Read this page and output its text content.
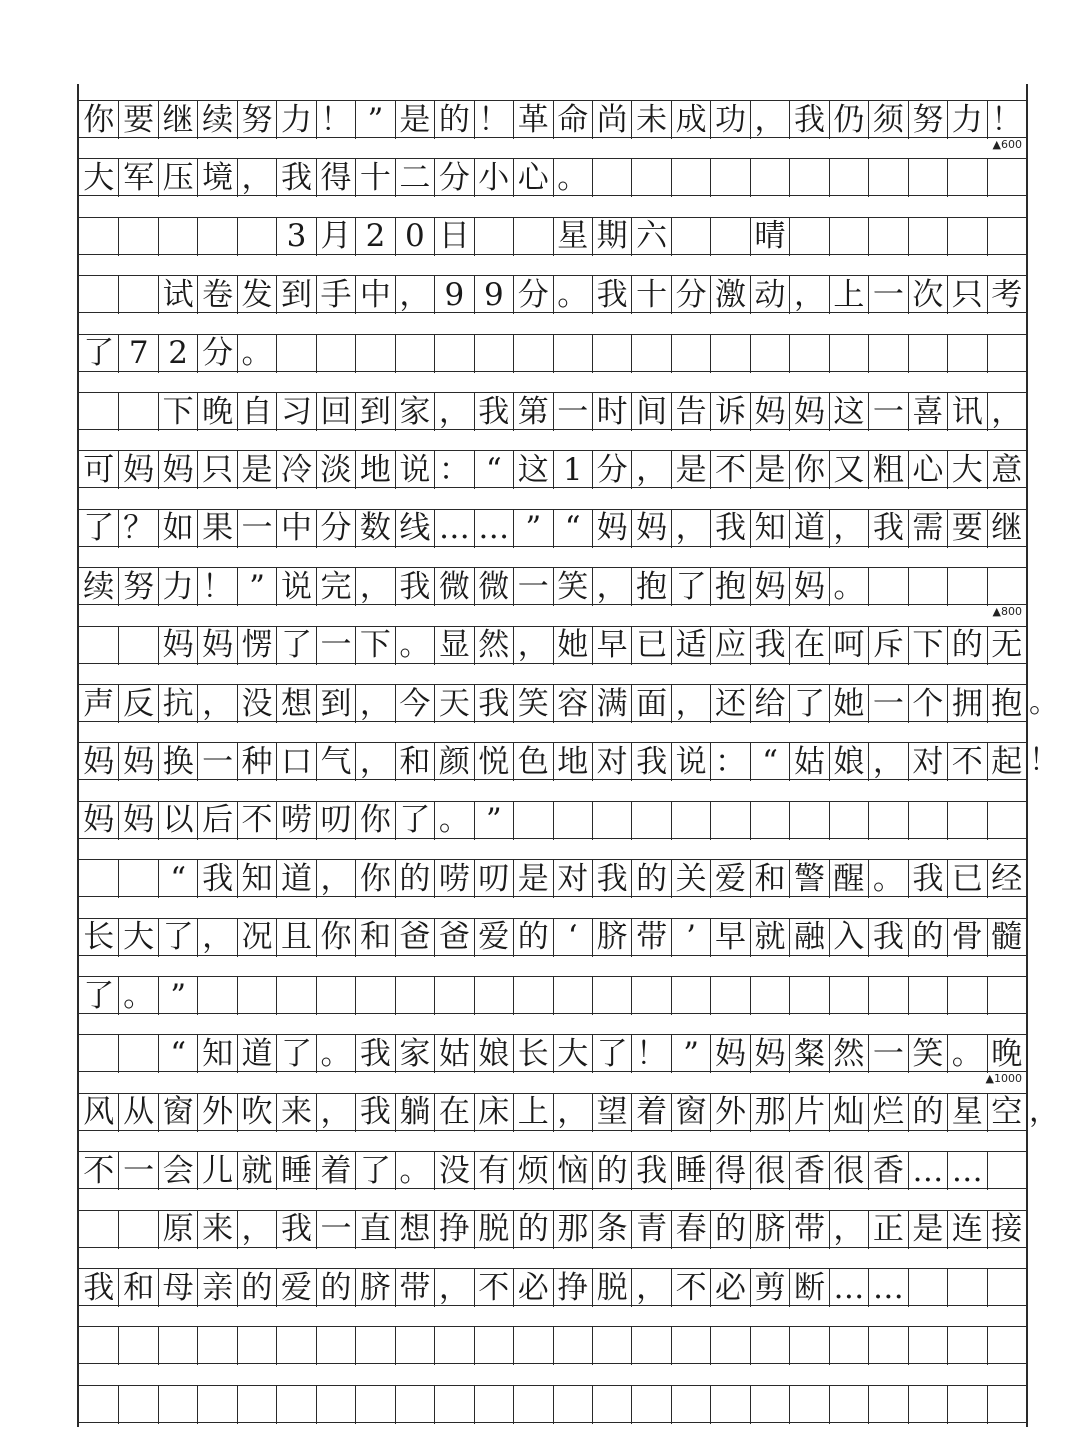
你 要 继 续 努 力 ！ ” 是 的 ！ 革 命 尚 未 成 功 ， 我 仍 须 努 力 ！
大 军 压 境 ， 我 得 十 二 分 小 心 。
3 月 2 0 日	星 期 六	晴
试 卷 发 到 手 中 ， 9 9 分 。 我 十 分 激 动 ， 上 一 次 只 考
了 7 2 分 。
下 晚 自 习 回 到 家 ， 我 第 一 时 间 告 诉 妈 妈 这 一 喜 讯 ，
可 妈 妈 只 是 冷 淡 地 说 ： “ 这 1 分 ， 是 不 是 你 又 粗 心 大 意
了 ？ 如 果 一 中 分 数 线 … … ” “ 妈 妈 ， 我 知 道 ， 我 需 要 继
续 努 力 ！ ” 说 完 ， 我 微 微 一 笑 ， 抱 了 抱 妈 妈 。
妈 妈 愣 了 一 下 。 显 然 ， 她 早 已 适 应 我 在 呵 斥 下 的 无
声 反 抗 ， 没 想 到 ， 今 天 我 笑 容 满 面 ， 还 给 了 她 一 个 拥 抱 。
妈 妈 换 一 种 口 气 ， 和 颜 悦 色 地 对 我 说 ： “ 姑 娘 ， 对 不 起 ！
妈 妈 以 后 不 唠 叨 你 了 。 ”
“ 我 知 道 ， 你 的 唠 叨 是 对 我 的 关 爱 和 警 醒 。 我 已 经
长 大 了 ， 况 且 你 和 爸 爸 爱 的 ‘ 脐 带 ’ 早 就 融 入 我 的 骨 髓
了 。 ”
“ 知 道 了 。 我 家 姑 娘 长 大 了 ！ ” 妈 妈 粲 然 一 笑 。 晚
风 从 窗 外 吹 来 ， 我 躺 在 床 上 ， 望 着 窗 外 那 片 灿 烂 的 星 空 ，
不 一 会 儿 就 睡 着 了 。 没 有 烦 恼 的 我 睡 得 很 香 很 香 … …
原 来 ， 我 一 直 想 挣 脱 的 那 条 青 春 的 脐 带 ， 正 是 连 接
我 和 母 亲 的 爱 的 脐 带 ， 不 必 挣 脱 ， 不 必 剪 断 … …
▲600
▲800
▲1000
